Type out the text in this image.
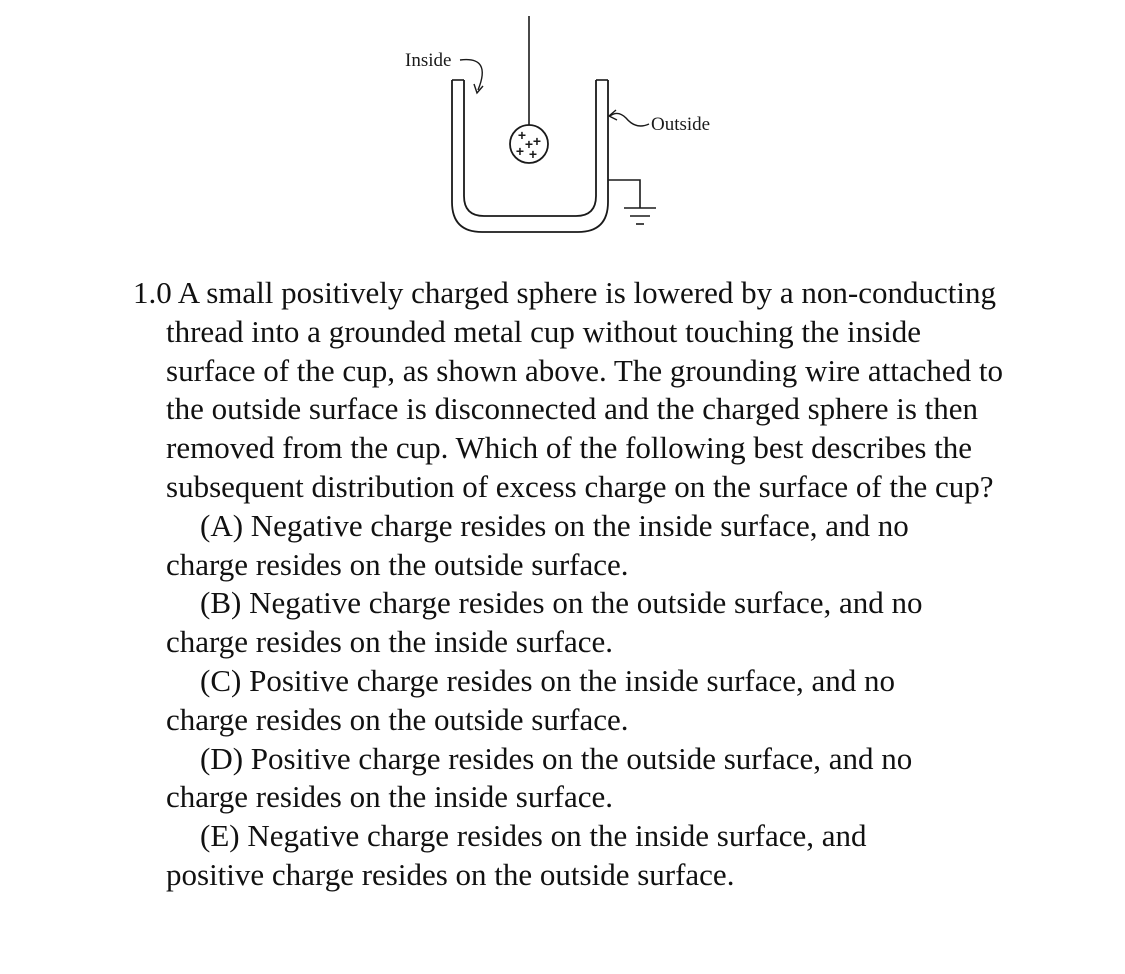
+ +
+ +
+
Inside
Outside

1.0 A small positively charged sphere is lowered by a non-conducting thread into a grounded metal cup without touching the inside surface of the cup, as shown above. The grounding wire attached to the outside surface is disconnected and the charged sphere is then removed from the cup. Which of the following best describes the subsequent distribution of excess charge on the surface of the cup?

(A) Negative charge resides on the inside surface, and no
charge resides on the outside surface.

(B) Negative charge resides on the outside surface, and no
charge resides on the inside surface.

(C) Positive charge resides on the inside surface, and no
charge resides on the outside surface.

(D) Positive charge resides on the outside surface, and no
charge resides on the inside surface.

(E) Negative charge resides on the inside surface, and
positive charge resides on the outside surface.
